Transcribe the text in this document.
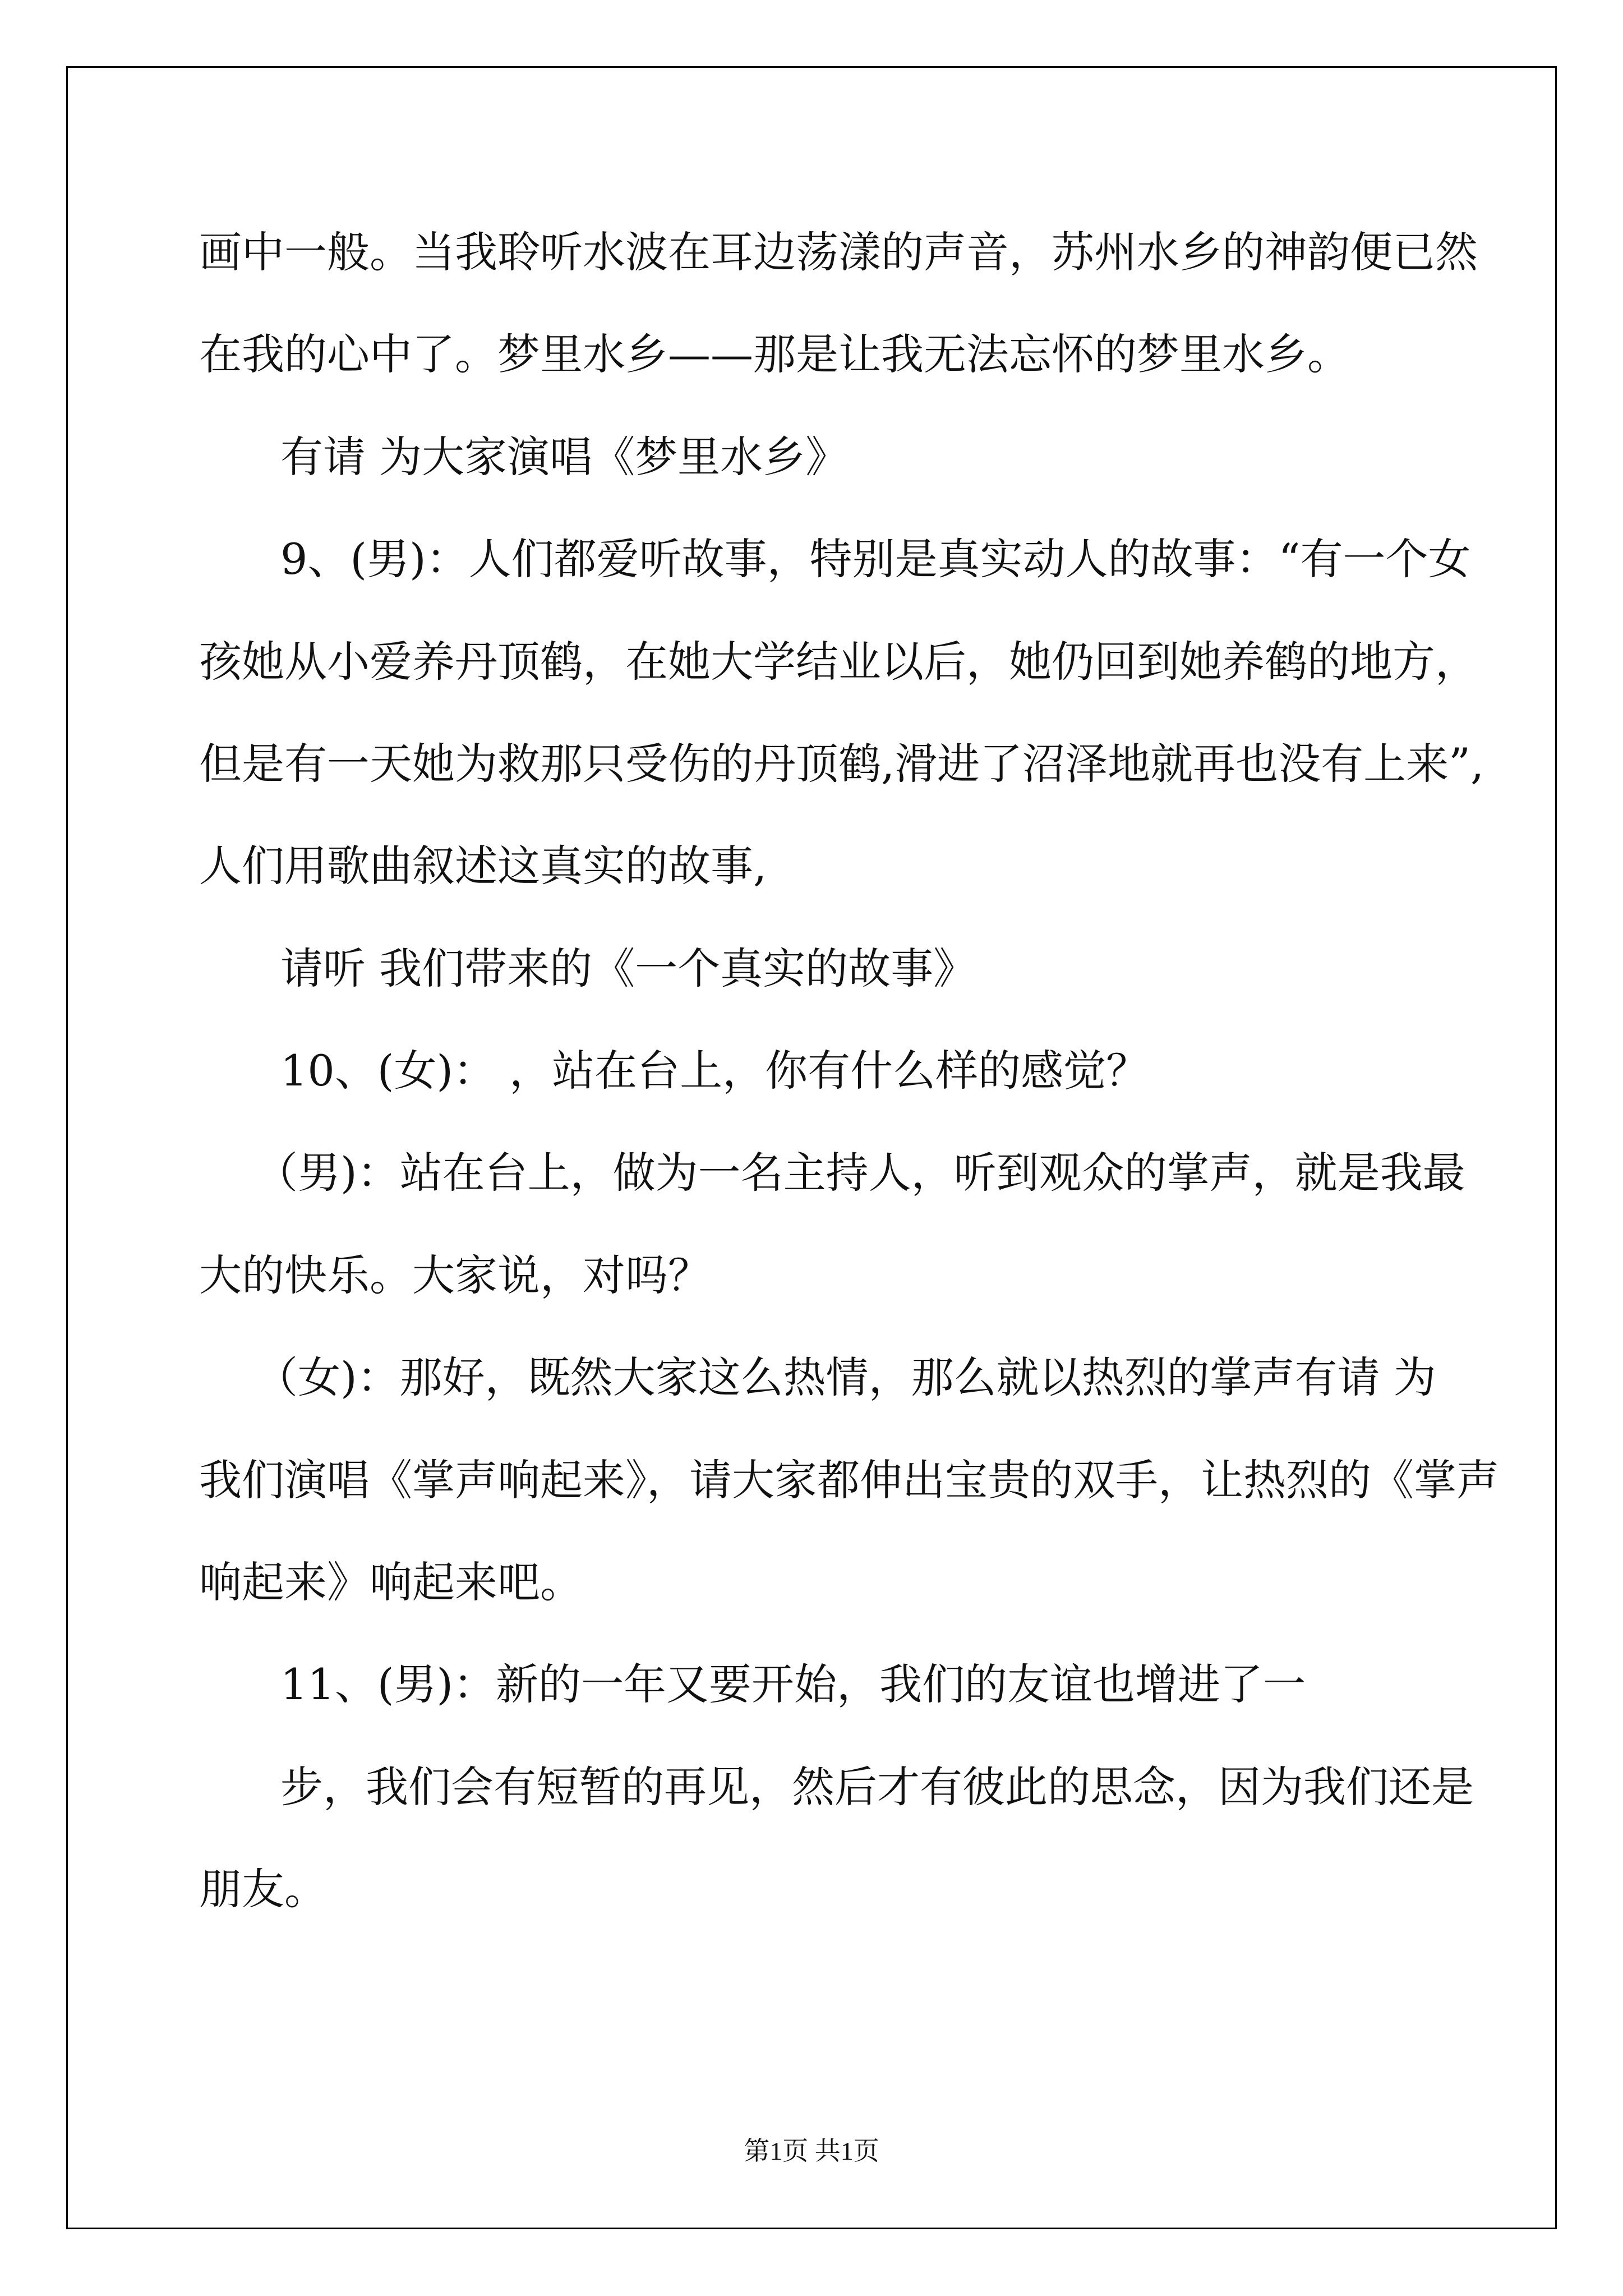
画中一般。当我聆听水波在耳边荡漾的声音，苏州水乡的神韵便已然
在我的心中了。梦里水乡——那是让我无法忘怀的梦里水乡。
有请 为大家演唱《梦里水乡》
9、(男)：人们都爱听故事，特别是真实动人的故事：“有一个女
孩她从小爱养丹顶鹤，在她大学结业以后，她仍回到她养鹤的地方，
但是有一天她为救那只受伤的丹顶鹤,滑进了沼泽地就再也没有上来”,
人们用歌曲叙述这真实的故事,
请听 我们带来的《一个真实的故事》
10、(女)： ，站在台上，你有什么样的感觉？
（男)：站在台上，做为一名主持人，听到观众的掌声，就是我最
大的快乐。大家说，对吗？
（女)：那好，既然大家这么热情，那么就以热烈的掌声有请 为
我们演唱《掌声响起来》，请大家都伸出宝贵的双手，让热烈的《掌声
响起来》响起来吧。
11、(男)：新的一年又要开始，我们的友谊也增进了一
步，我们会有短暂的再见，然后才有彼此的思念，因为我们还是
朋友。
第1页 共1页
